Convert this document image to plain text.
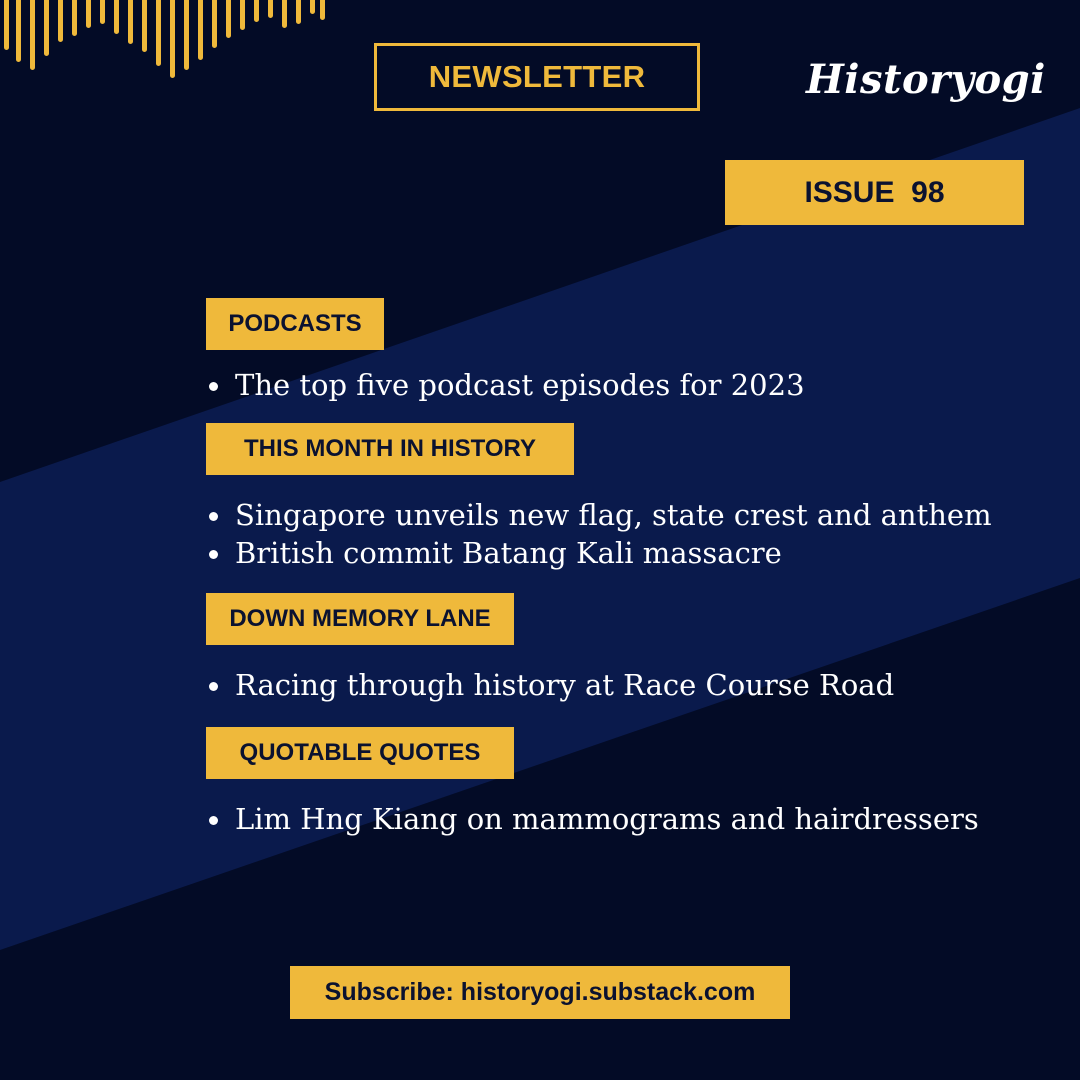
NEWSLETTER	Historyogi
ISSUE  98
PODCASTS
The top five podcast episodes for 2023
THIS MONTH IN HISTORY
Singapore unveils new flag, state crest and anthem
British commit Batang Kali massacre
DOWN MEMORY LANE
Racing through history at Race Course Road
QUOTABLE QUOTES
Lim Hng Kiang on mammograms and hairdressers
Subscribe: historyogi.substack.com
